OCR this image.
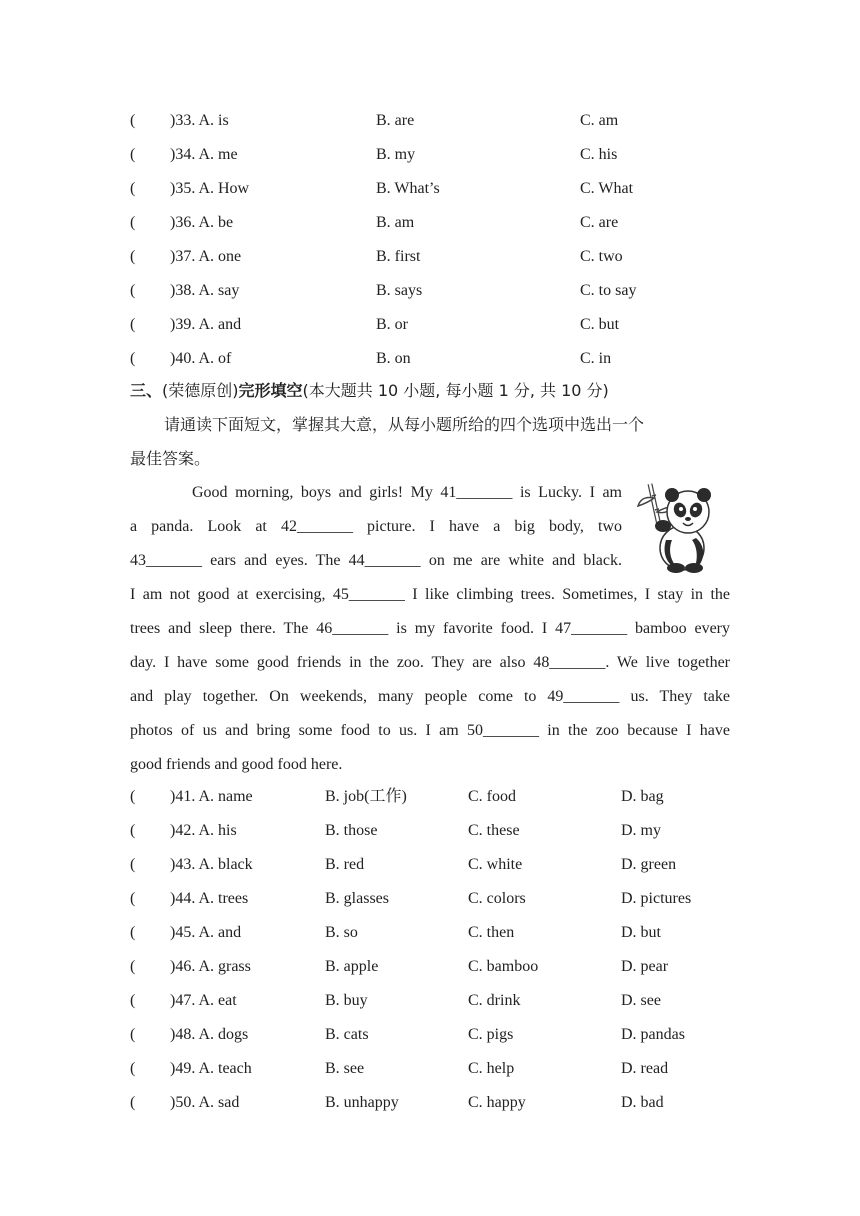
( )33. A. is	B. are	C. am
( )34. A. me	B. my	C. his
( )35. A. How	B. What’s	C. What
( )36. A. be	B. am	C. are
( )37. A. one	B. first	C. two
( )38. A. say	B. says	C. to say
( )39. A. and	B. or	C. but
( )40. A. of	B. on	C. in
三、(荣德原创)完形填空(本大题共 10 小题, 每小题 1 分, 共 10 分)
请通读下面短文，掌握其大意，从每小题所给的四个选项中选出一个
最佳答案。
Good morning, boys and girls! My 41_______ is Lucky. I am
a panda. Look at 42_______ picture. I have a big body, two
43_______ ears and eyes. The 44_______ on me are white and black.
I am not good at exercising, 45_______ I like climbing trees. Sometimes, I stay in the
trees and sleep there. The 46_______ is my favorite food. I 47_______ bamboo every
day. I have some good friends in the zoo. They are also 48_______. We live together
and play together. On weekends, many people come to 49_______ us. They take
photos of us and bring some food to us. I am 50_______ in the zoo because I have
good friends and good food here.
( )41. A. name	B. job(工作)	C. food	D. bag
( )42. A. his	B. those	C. these	D. my
( )43. A. black	B. red	C. white	D. green
( )44. A. trees	B. glasses	C. colors	D. pictures
( )45. A. and	B. so	C. then	D. but
( )46. A. grass	B. apple	C. bamboo	D. pear
( )47. A. eat	B. buy	C. drink	D. see
( )48. A. dogs	B. cats	C. pigs	D. pandas
( )49. A. teach	B. see	C. help	D. read
( )50. A. sad	B. unhappy	C. happy	D. bad
